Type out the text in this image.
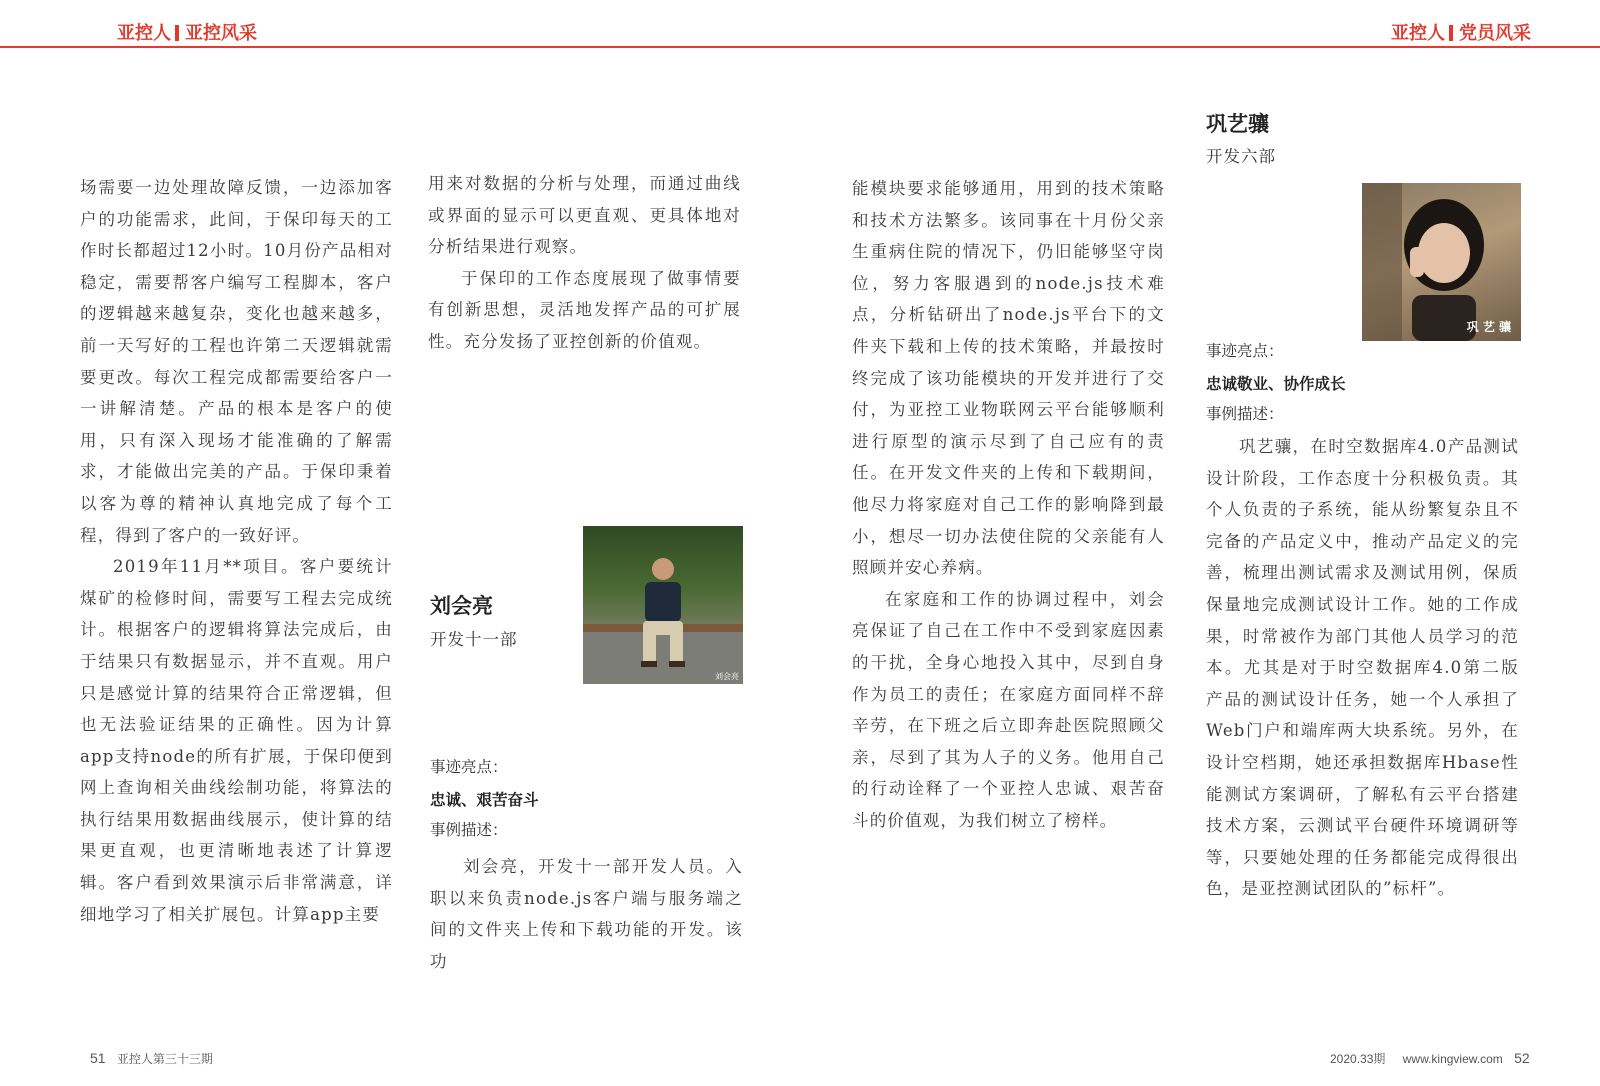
亚控人 亚控风采	亚控人 党员风采

场需要一边处理故障反馈，一边添加客户的功能需求，此间，于保印每天的工作时长都超过12小时。10月份产品相对稳定，需要帮客户编写工程脚本，客户的逻辑越来越复杂，变化也越来越多，前一天写好的工程也许第二天逻辑就需要更改。每次工程完成都需要给客户一一讲解清楚。产品的根本是客户的使用，只有深入现场才能准确的了解需求，才能做出完美的产品。于保印秉着以客为尊的精神认真地完成了每个工程，得到了客户的一致好评。

2019年11月**项目。客户要统计煤矿的检修时间，需要写工程去完成统计。根据客户的逻辑将算法完成后，由于结果只有数据显示，并不直观。用户只是感觉计算的结果符合正常逻辑，但也无法验证结果的正确性。因为计算app支持node的所有扩展，于保印便到网上查询相关曲线绘制功能，将算法的执行结果用数据曲线展示，使计算的结果更直观，也更清晰地表述了计算逻辑。客户看到效果演示后非常满意，详细地学习了相关扩展包。计算app主要

用来对数据的分析与处理，而通过曲线或界面的显示可以更直观、更具体地对分析结果进行观察。

于保印的工作态度展现了做事情要有创新思想，灵活地发挥产品的可扩展性。充分发扬了亚控创新的价值观。

刘会亮
开发十一部
刘会亮
事迹亮点：
忠诚、艰苦奋斗
事例描述：
刘会亮，开发十一部开发人员。入职以来负责node.js客户端与服务端之间的文件夹上传和下载功能的开发。该功

能模块要求能够通用，用到的技术策略和技术方法繁多。该同事在十月份父亲生重病住院的情况下，仍旧能够坚守岗位，努力客服遇到的node.js技术难点，分析钻研出了node.js平台下的文件夹下载和上传的技术策略，并最按时终完成了该功能模块的开发并进行了交付，为亚控工业物联网云平台能够顺利进行原型的演示尽到了自己应有的责任。在开发文件夹的上传和下载期间，他尽力将家庭对自己工作的影响降到最小，想尽一切办法使住院的父亲能有人照顾并安心养病。

在家庭和工作的协调过程中，刘会亮保证了自己在工作中不受到家庭因素的干扰，全身心地投入其中，尽到自身作为员工的责任；在家庭方面同样不辞辛劳，在下班之后立即奔赴医院照顾父亲，尽到了其为人子的义务。他用自己的行动诠释了一个亚控人忠诚、艰苦奋斗的价值观，为我们树立了榜样。

巩艺骧
开发六部
巩 艺 骧
事迹亮点：
忠诚敬业、协作成长
事例描述：
巩艺骧，在时空数据库4.0产品测试设计阶段，工作态度十分积极负责。其个人负责的子系统，能从纷繁复杂且不完备的产品定义中，推动产品定义的完善，梳理出测试需求及测试用例，保质保量地完成测试设计工作。她的工作成果，时常被作为部门其他人员学习的范本。尤其是对于时空数据库4.0第二版产品的测试设计任务，她一个人承担了Web门户和端库两大块系统。另外，在设计空档期，她还承担数据库Hbase性能测试方案调研，了解私有云平台搭建技术方案，云测试平台硬件环境调研等等，只要她处理的任务都能完成得很出色，是亚控测试团队的”标杆”。
51 亚控人第三十三期	2020.33期 www.kingview.com 52
